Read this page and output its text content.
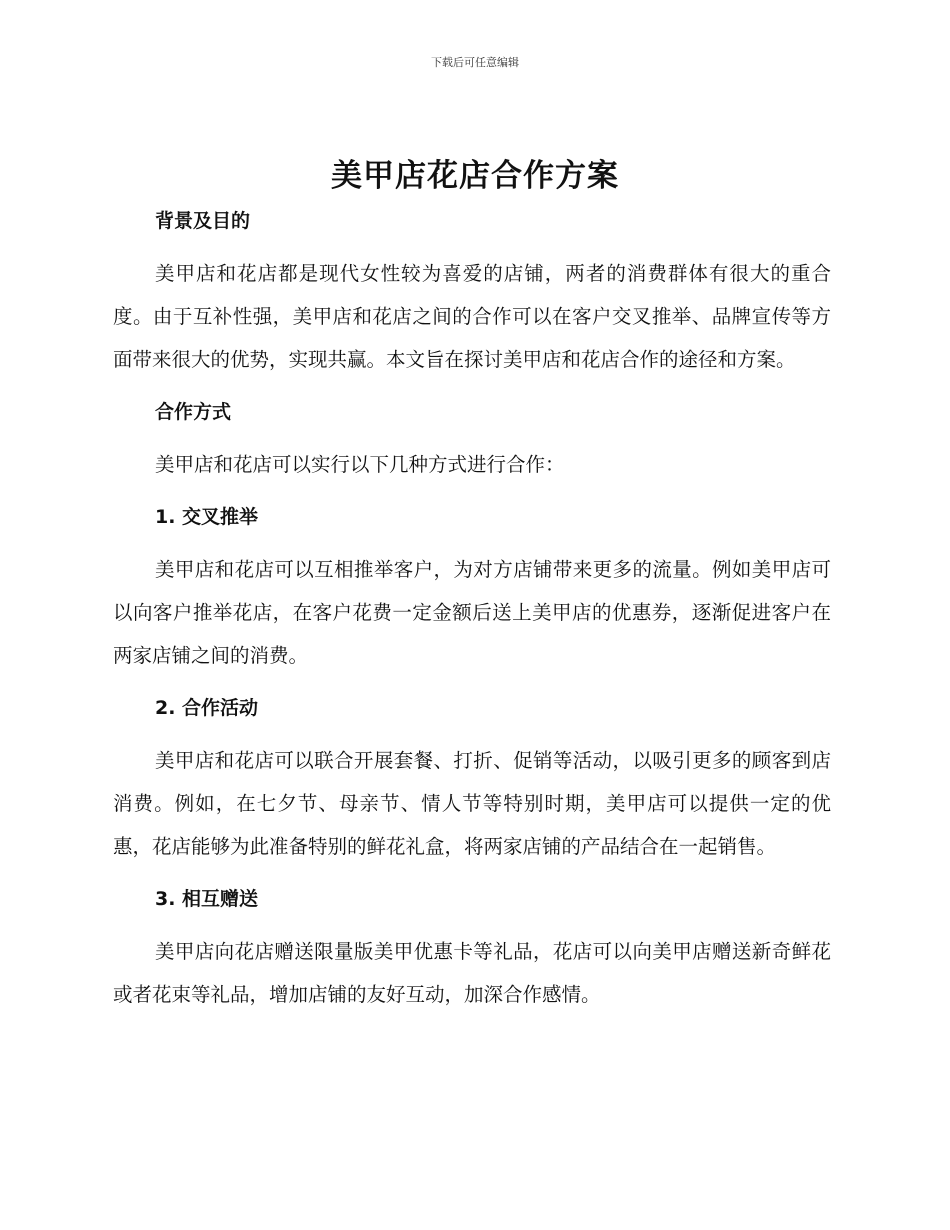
下载后可任意编辑
美甲店花店合作方案

背景及目的

美甲店和花店都是现代女性较为喜爱的店铺，两者的消费群体有很大的重合度。由于互补性强，美甲店和花店之间的合作可以在客户交叉推举、品牌宣传等方面带来很大的优势，实现共赢。本文旨在探讨美甲店和花店合作的途径和方案。

合作方式

美甲店和花店可以实行以下几种方式进行合作：

1. 交叉推举

美甲店和花店可以互相推举客户，为对方店铺带来更多的流量。例如美甲店可以向客户推举花店，在客户花费一定金额后送上美甲店的优惠券，逐渐促进客户在两家店铺之间的消费。

2. 合作活动

美甲店和花店可以联合开展套餐、打折、促销等活动，以吸引更多的顾客到店消费。例如，在七夕节、母亲节、情人节等特别时期，美甲店可以提供一定的优惠，花店能够为此准备特别的鲜花礼盒，将两家店铺的产品结合在一起销售。

3. 相互赠送

美甲店向花店赠送限量版美甲优惠卡等礼品，花店可以向美甲店赠送新奇鲜花或者花束等礼品，增加店铺的友好互动，加深合作感情。
